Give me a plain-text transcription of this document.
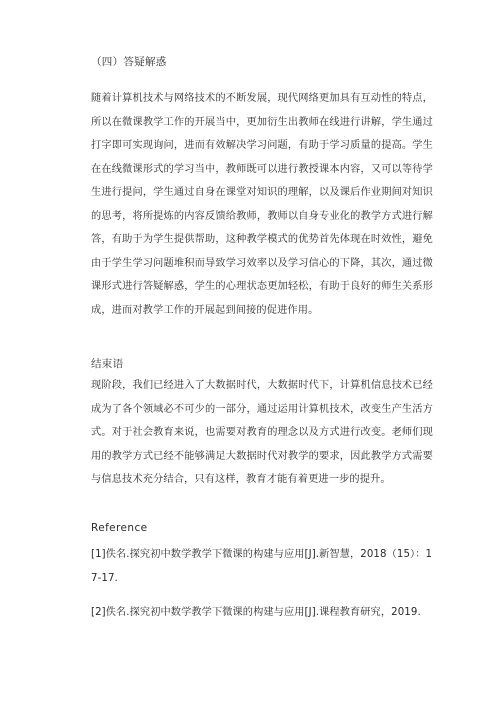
（四）答疑解惑
随着计算机技术与网络技术的不断发展，现代网络更加具有互动性的特点，所以在微课教学工作的开展当中，更加衍生出教师在线进行讲解，学生通过打字即可实现询问，进而有效解决学习问题，有助于学习质量的提高。学生在在线微课形式的学习当中，教师既可以进行教授课本内容，又可以等待学生进行提问，学生通过自身在课堂对知识的理解，以及课后作业期间对知识的思考，将所提炼的内容反馈给教师，教师以自身专业化的教学方式进行解答，有助于为学生提供帮助，这种教学模式的优势首先体现在时效性，避免由于学生学习问题堆积而导致学习效率以及学习信心的下降，其次，通过微课形式进行答疑解惑，学生的心理状态更加轻松，有助于良好的师生关系形成，进而对教学工作的开展起到间接的促进作用。
结束语
现阶段，我们已经进入了大数据时代，大数据时代下，计算机信息技术已经成为了各个领域必不可少的一部分，通过运用计算机技术，改变生产生活方式。对于社会教育来说，也需要对教育的理念以及方式进行改变。老师们现用的教学方式已经不能够满足大数据时代对教学的要求，因此教学方式需要与信息技术充分结合，只有这样，教育才能有着更进一步的提升。
Reference
[1]佚名.探究初中数学教学下微课的构建与应用[J].新智慧，2018（15）：17-17.
[2]佚名.探究初中数学教学下微课的构建与应用[J].课程教育研究，2019.
